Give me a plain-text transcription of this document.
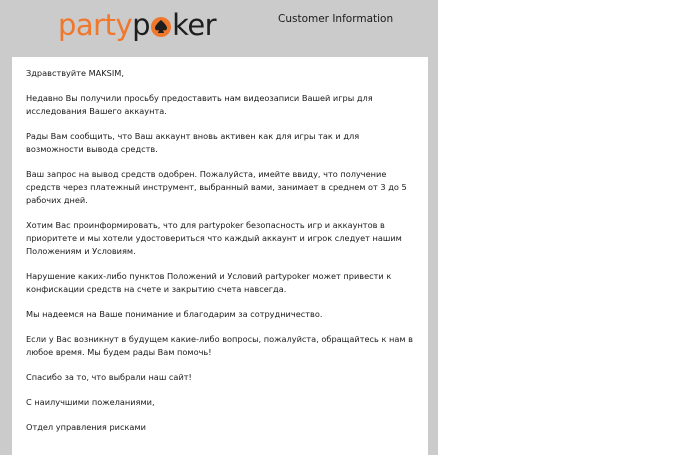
partyp ker	Customer Information

Здравствуйте MAKSIM,

Недавно Вы получили просьбу предоставить нам видеозаписи Вашей игры для исследования Вашего аккаунта.

Рады Вам сообщить, что Ваш аккаунт вновь активен как для игры так и для возможности вывода средств.

Ваш запрос на вывод средств одобрен. Пожалуйста, имейте ввиду, что получение средств через платежный инструмент, выбранный вами, занимает в среднем от 3 до 5 рабочих дней.

Хотим Вас проинформировать, что для partypoker безопасность игр и аккаунтов в приоритете и мы хотели удостовериться что каждый аккаунт и игрок следует нашим Положениям и Условиям.

Нарушение каких-либо пунктов Положений и Условий partypoker может привести к конфискации средств на счете и закрытию счета навсегда.

Мы надеемся на Ваше понимание и благодарим за сотрудничество.

Если у Вас возникнут в будущем какие-либо вопросы, пожалуйста, обращайтесь к нам в любое время. Мы будем рады Вам помочь!

Спасибо за то, что выбрали наш сайт!

С наилучшими пожеланиями,

Отдел управления рисками
